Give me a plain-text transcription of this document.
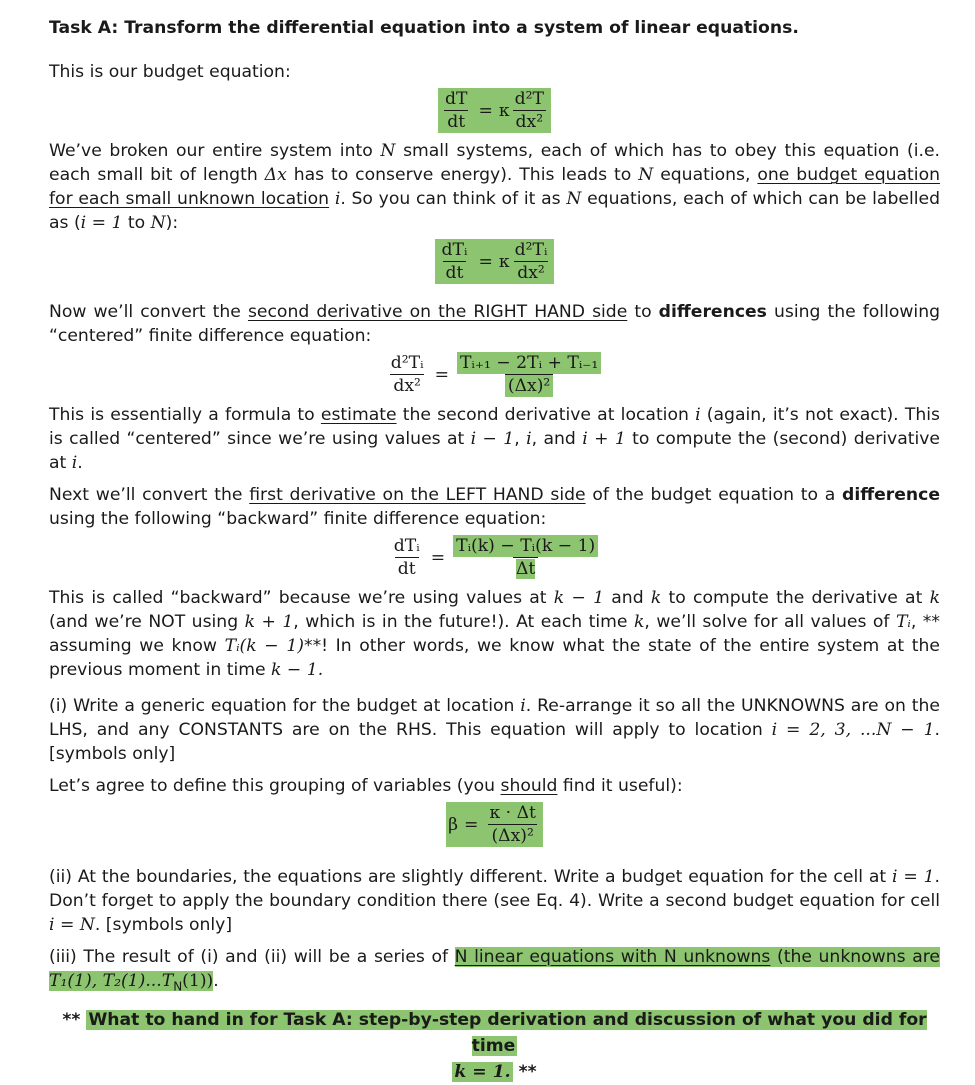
Task A: Transform the differential equation into a system of linear equations.

This is our budget equation:

$\frac{dT}{dt} = \kappa \frac{\text{d²T}}{\text{dx²}}$

We’ve broken our entire system into N small systems, each of which has to obey this equation (i.e. each small bit of length Δx has to conserve energy). This leads to N equations, one budget equation for each small unknown location i. So you can think of it as N equations, each of which can be labelled as (i = 1 to N):

$\frac{\text{dTᵢ}}{dt} = \kappa \frac{\text{d²Tᵢ}}{\text{dx²}}$

Now we’ll convert the second derivative on the RIGHT HAND side to differences using the following “centered” finite difference equation:

$\frac{\text{d²Tᵢ}}{\text{dx²}} = \frac{\text{Tᵢ₊₁ − 2Tᵢ + Tᵢ₋₁}}{\text{(Δx)²}}$

This is essentially a formula to estimate the second derivative at location i (again, it’s not exact). This is called “centered” since we’re using values at i − 1, i, and i + 1 to compute the (second) derivative at i.

Next we’ll convert the first derivative on the LEFT HAND side of the budget equation to a difference using the following “backward” finite difference equation:

$\frac{\text{dTᵢ}}{dt} = \frac{\text{Tᵢ(k) − Tᵢ(k − 1)}}{\Delta t}$

This is called “backward” because we’re using values at k − 1 and k to compute the derivative at k (and we’re NOT using k + 1, which is in the future!). At each time k, we’ll solve for all values of Tᵢ, ** assuming we know Tᵢ(k − 1)**! In other words, we know what the state of the entire system at the previous moment in time k − 1.

(i) Write a generic equation for the budget at location i. Re-arrange it so all the UNKNOWNS are on the LHS, and any CONSTANTS are on the RHS. This equation will apply to location i = 2, 3, ...N − 1. [symbols only]

Let’s agree to define this grouping of variables (you should find it useful):

$\beta = \frac{\kappa \cdot \Delta t}{\text{(Δx)²}}$

(ii) At the boundaries, the equations are slightly different. Write a budget equation for the cell at i = 1. Don’t forget to apply the boundary condition there (see Eq. 4). Write a second budget equation for cell i = N. [symbols only]

(iii) The result of (i) and (ii) will be a series of N linear equations with N unknowns (the unknowns are T₁(1), $T_2(1)...T_N(1)$).

** What to hand in for Task A: step-by-step derivation and discussion of what you did for time
k = 1. **
